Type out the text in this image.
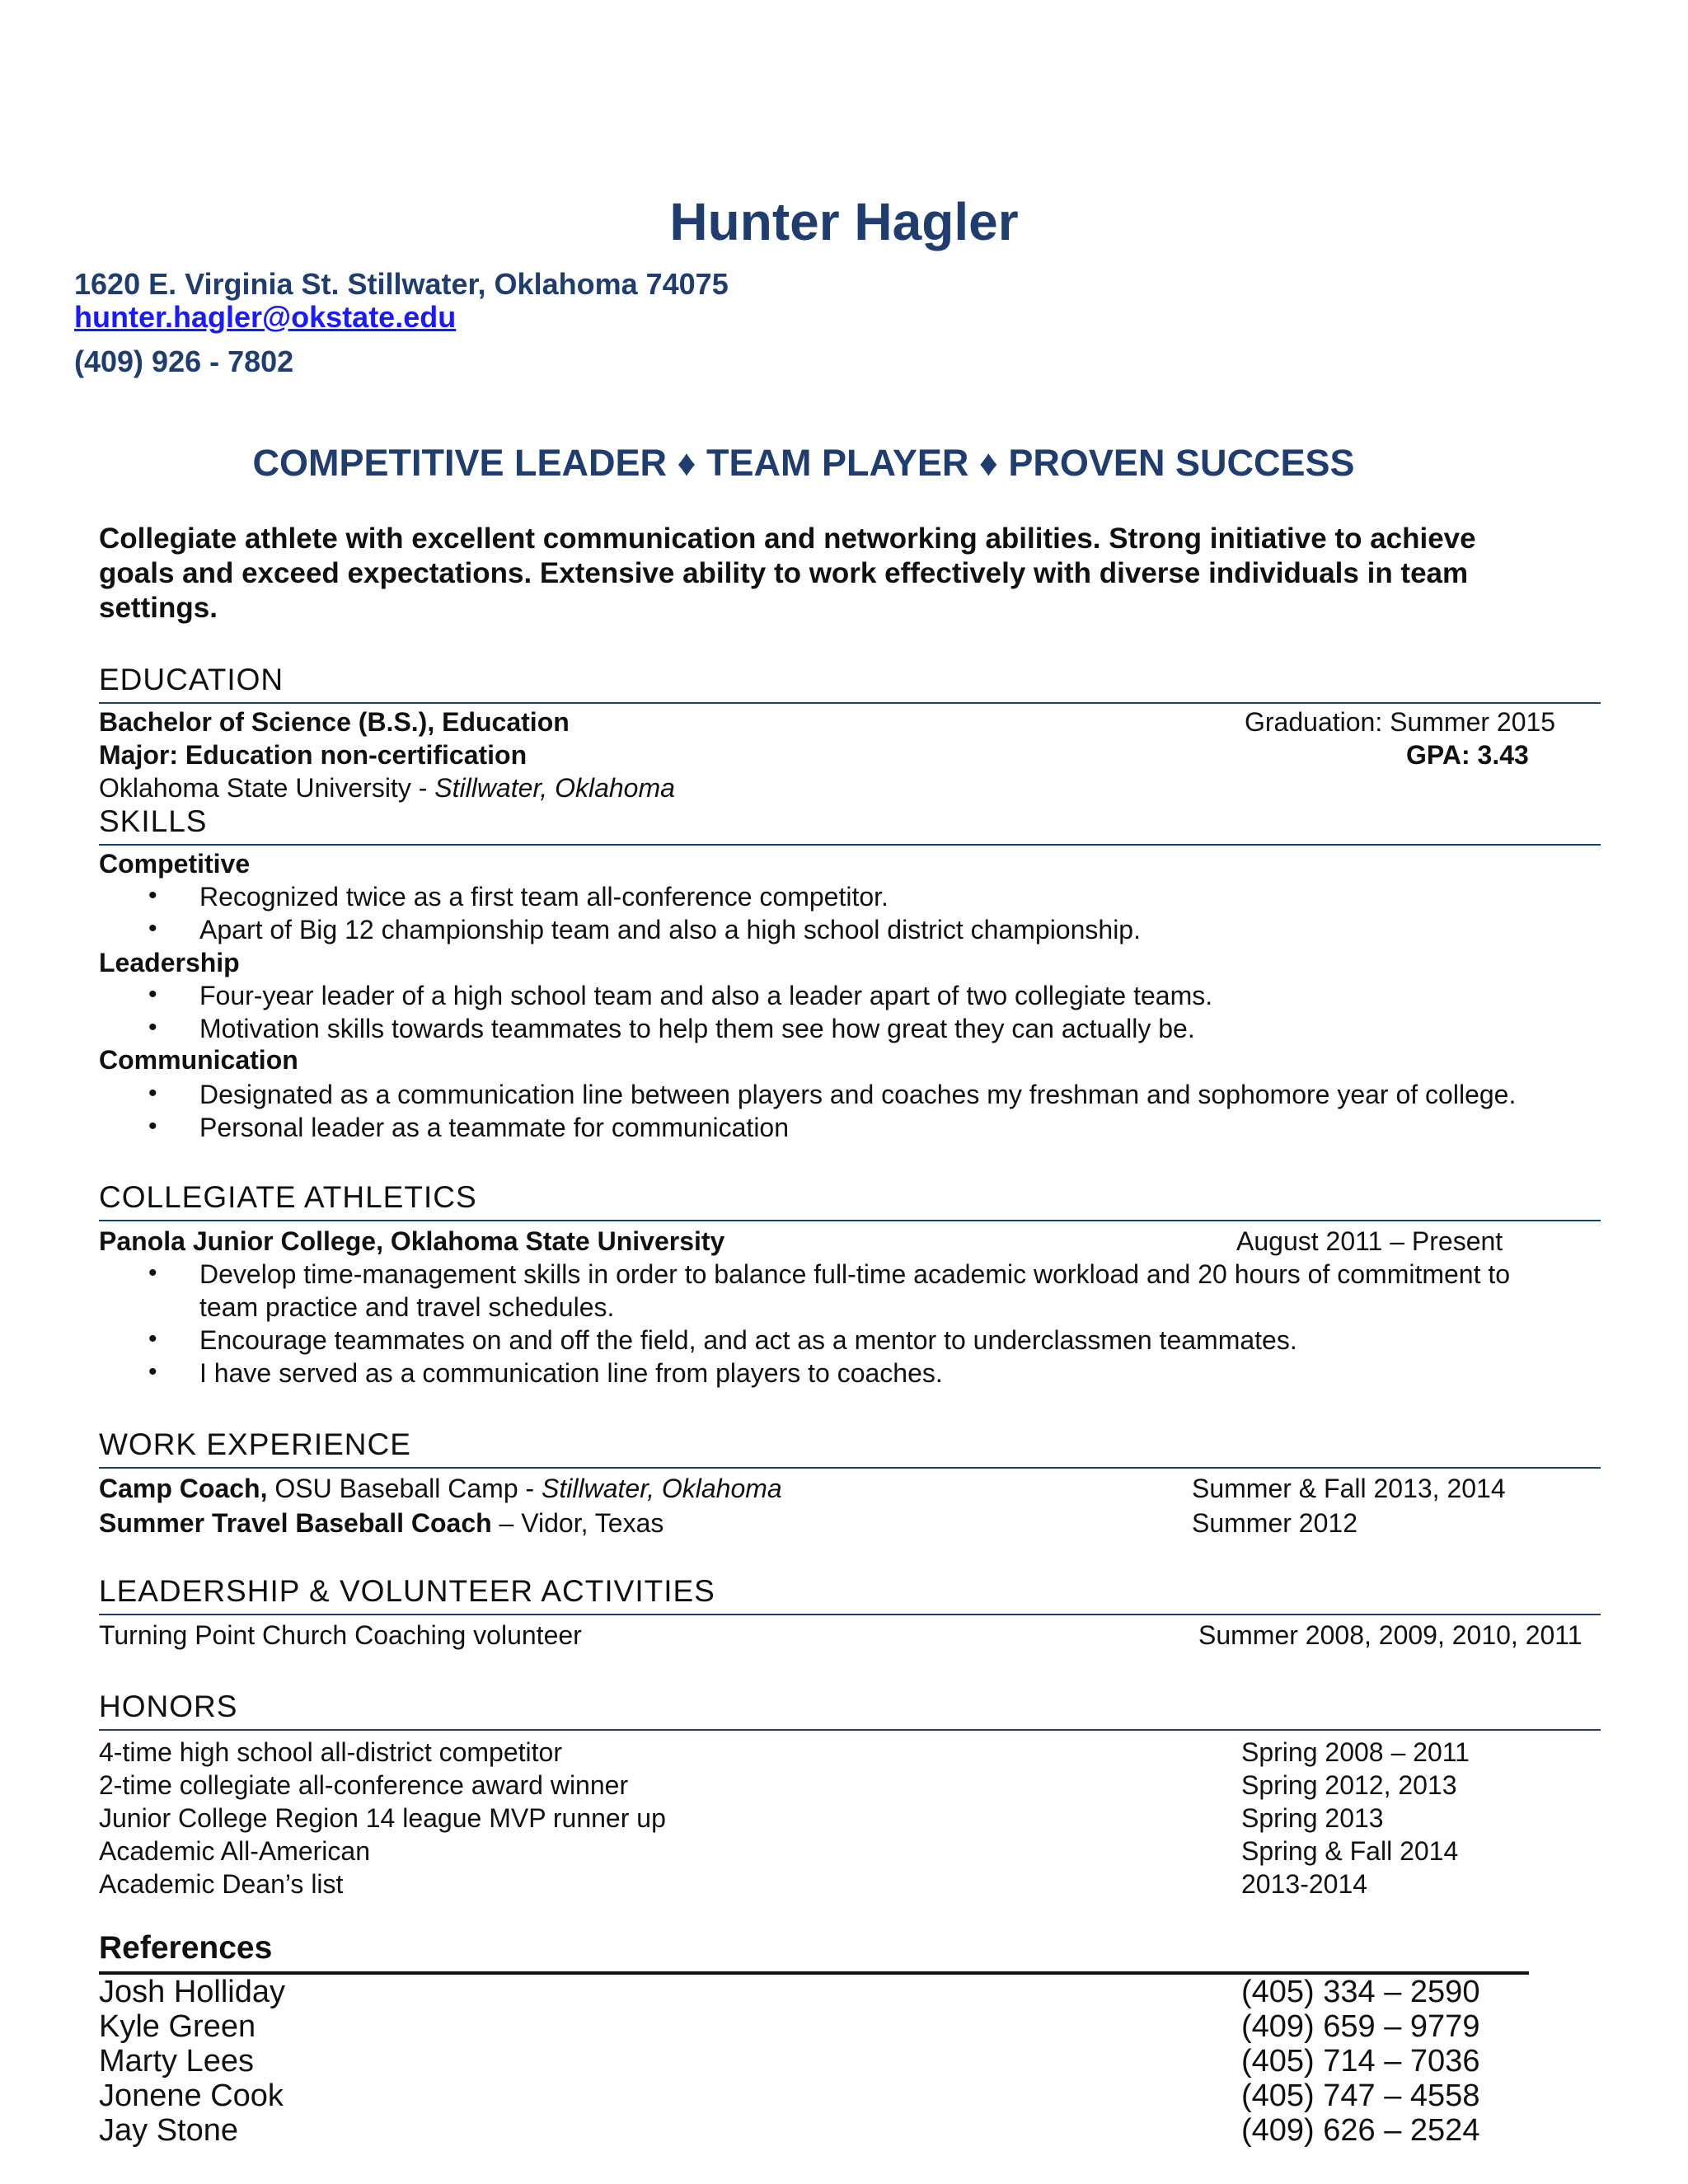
Hunter Hagler
1620 E. Virginia St. Stillwater, Oklahoma 74075
hunter.hagler@okstate.edu
(409) 926 - 7802
COMPETITIVE LEADER ♦ TEAM PLAYER ♦ PROVEN SUCCESS
Collegiate athlete with excellent communication and networking abilities. Strong initiative to achieve
goals and exceed expectations. Extensive ability to work effectively with diverse individuals in team
settings.
EDUCATION
Bachelor of Science (B.S.), Education	Graduation: Summer 2015
Major: Education non-certification	GPA: 3.43
Oklahoma State University - Stillwater, Oklahoma
SKILLS
Competitive
• Recognized twice as a first team all-conference competitor.
• Apart of Big 12 championship team and also a high school district championship.
Leadership
• Four-year leader of a high school team and also a leader apart of two collegiate teams.
• Motivation skills towards teammates to help them see how great they can actually be.
Communication
• Designated as a communication line between players and coaches my freshman and sophomore year of college.
• Personal leader as a teammate for communication
COLLEGIATE ATHLETICS
Panola Junior College, Oklahoma State University	August 2011 – Present
• Develop time-management skills in order to balance full-time academic workload and 20 hours of commitment to
team practice and travel schedules.
• Encourage teammates on and off the field, and act as a mentor to underclassmen teammates.
• I have served as a communication line from players to coaches.
WORK EXPERIENCE
Camp Coach, OSU Baseball Camp - Stillwater, Oklahoma	Summer & Fall 2013, 2014
Summer Travel Baseball Coach – Vidor, Texas	Summer 2012
LEADERSHIP & VOLUNTEER ACTIVITIES
Turning Point Church Coaching volunteer	Summer 2008, 2009, 2010, 2011
HONORS
4-time high school all-district competitor	Spring 2008 – 2011
2-time collegiate all-conference award winner	Spring 2012, 2013
Junior College Region 14 league MVP runner up	Spring 2013
Academic All-American	Spring & Fall 2014
Academic Dean’s list	2013-2014
References
Josh Holliday	(405) 334 – 2590
Kyle Green	(409) 659 – 9779
Marty Lees	(405) 714 – 7036
Jonene Cook	(405) 747 – 4558
Jay Stone	(409) 626 – 2524
